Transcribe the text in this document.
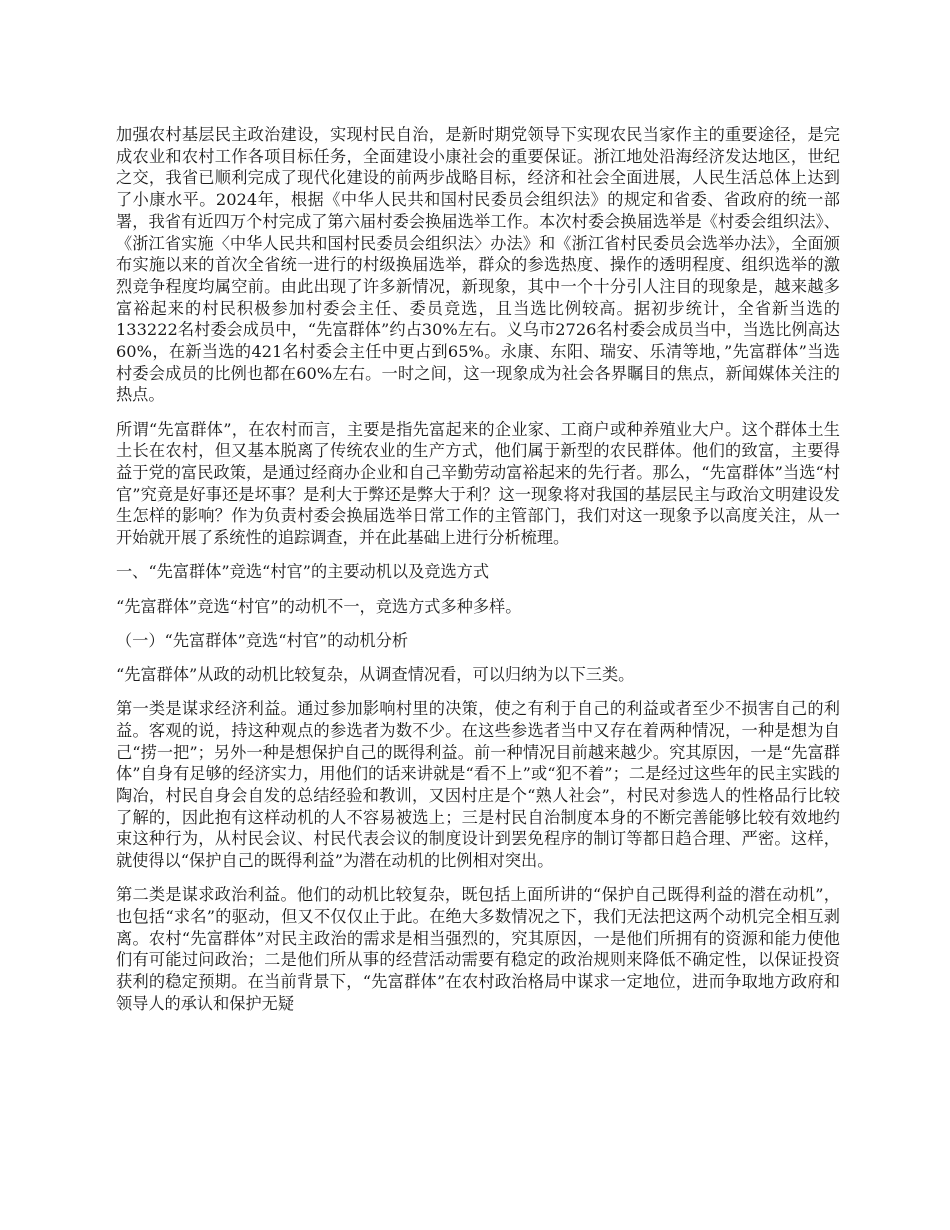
加强农村基层民主政治建设，实现村民自治，是新时期党领导下实现农民当家作主的重要途径，是完成农业和农村工作各项目标任务，全面建设小康社会的重要保证。浙江地处沿海经济发达地区，世纪之交，我省已顺利完成了现代化建设的前两步战略目标，经济和社会全面进展，人民生活总体上达到了小康水平。2024年，根据《中华人民共和国村民委员会组织法》的规定和省委、省政府的统一部署，我省有近四万个村完成了第六届村委会换届选举工作。本次村委会换届选举是《村委会组织法》、《浙江省实施〈中华人民共和国村民委员会组织法〉办法》和《浙江省村民委员会选举办法》，全面颁布实施以来的首次全省统一进行的村级换届选举，群众的参选热度、操作的透明程度、组织选举的激烈竞争程度均属空前。由此出现了许多新情况，新现象，其中一个十分引人注目的现象是，越来越多富裕起来的村民积极参加村委会主任、委员竞选，且当选比例较高。据初步统计，全省新当选的133222名村委会成员中，“先富群体”约占30%左右。义乌市2726名村委会成员当中，当选比例高达60%，在新当选的421名村委会主任中更占到65%。永康、东阳、瑞安、乐清等地，”先富群体”当选村委会成员的比例也都在60%左右。一时之间，这一现象成为社会各界瞩目的焦点，新闻媒体关注的热点。

所谓“先富群体”，在农村而言，主要是指先富起来的企业家、工商户或种养殖业大户。这个群体土生土长在农村，但又基本脱离了传统农业的生产方式，他们属于新型的农民群体。他们的致富，主要得益于党的富民政策，是通过经商办企业和自己辛勤劳动富裕起来的先行者。那么，“先富群体”当选“村官”究竟是好事还是坏事？是利大于弊还是弊大于利？这一现象将对我国的基层民主与政治文明建设发生怎样的影响？作为负责村委会换届选举日常工作的主管部门，我们对这一现象予以高度关注，从一开始就开展了系统性的追踪调查，并在此基础上进行分析梳理。

一、“先富群体”竞选“村官”的主要动机以及竞选方式

“先富群体”竞选“村官”的动机不一，竞选方式多种多样。

（一）“先富群体”竞选“村官”的动机分析

“先富群体”从政的动机比较复杂，从调查情况看，可以归纳为以下三类。

第一类是谋求经济利益。通过参加影响村里的决策，使之有利于自己的利益或者至少不损害自己的利益。客观的说，持这种观点的参选者为数不少。在这些参选者当中又存在着两种情况，一种是想为自己“捞一把”；另外一种是想保护自己的既得利益。前一种情况目前越来越少。究其原因，一是“先富群体”自身有足够的经济实力，用他们的话来讲就是“看不上”或“犯不着”；二是经过这些年的民主实践的陶冶，村民自身会自发的总结经验和教训，又因村庄是个“熟人社会”，村民对参选人的性格品行比较了解的，因此抱有这样动机的人不容易被选上；三是村民自治制度本身的不断完善能够比较有效地约束这种行为，从村民会议、村民代表会议的制度设计到罢免程序的制订等都日趋合理、严密。这样，就使得以“保护自己的既得利益”为潜在动机的比例相对突出。

第二类是谋求政治利益。他们的动机比较复杂，既包括上面所讲的“保护自己既得利益的潜在动机”，也包括“求名”的驱动，但又不仅仅止于此。在绝大多数情况之下，我们无法把这两个动机完全相互剥离。农村“先富群体”对民主政治的需求是相当强烈的，究其原因，一是他们所拥有的资源和能力使他们有可能过问政治；二是他们所从事的经营活动需要有稳定的政治规则来降低不确定性，以保证投资获利的稳定预期。在当前背景下，“先富群体”在农村政治格局中谋求一定地位，进而争取地方政府和领导人的承认和保护无疑
